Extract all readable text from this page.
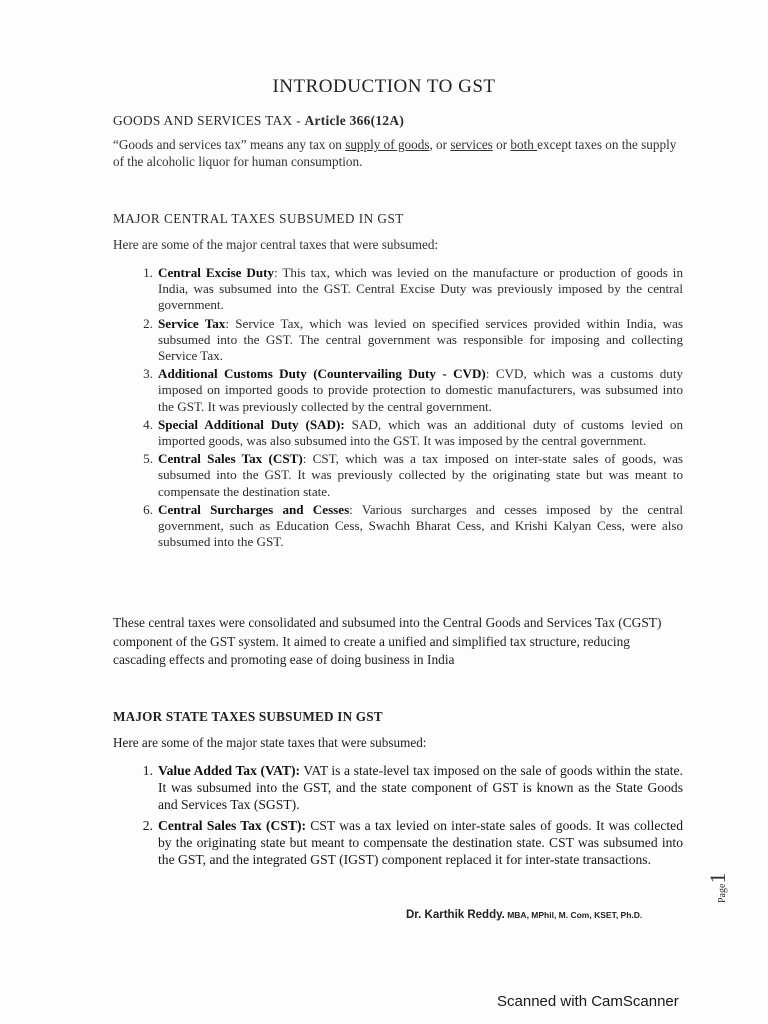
INTRODUCTION TO GST
GOODS AND SERVICES TAX - Article 366(12A)
“Goods and services tax” means any tax on supply of goods, or services or both except taxes on the supply of the alcoholic liquor for human consumption.
MAJOR CENTRAL TAXES SUBSUMED IN GST
Here are some of the major central taxes that were subsumed:
1. Central Excise Duty: This tax, which was levied on the manufacture or production of goods in India, was subsumed into the GST. Central Excise Duty was previously imposed by the central government.
2. Service Tax: Service Tax, which was levied on specified services provided within India, was subsumed into the GST. The central government was responsible for imposing and collecting Service Tax.
3. Additional Customs Duty (Countervailing Duty - CVD): CVD, which was a customs duty imposed on imported goods to provide protection to domestic manufacturers, was subsumed into the GST. It was previously collected by the central government.
4. Special Additional Duty (SAD): SAD, which was an additional duty of customs levied on imported goods, was also subsumed into the GST. It was imposed by the central government.
5. Central Sales Tax (CST): CST, which was a tax imposed on inter-state sales of goods, was subsumed into the GST. It was previously collected by the originating state but was meant to compensate the destination state.
6. Central Surcharges and Cesses: Various surcharges and cesses imposed by the central government, such as Education Cess, Swachh Bharat Cess, and Krishi Kalyan Cess, were also subsumed into the GST.
These central taxes were consolidated and subsumed into the Central Goods and Services Tax (CGST) component of the GST system. It aimed to create a unified and simplified tax structure, reducing cascading effects and promoting ease of doing business in India
MAJOR STATE TAXES SUBSUMED IN GST
Here are some of the major state taxes that were subsumed:
1. Value Added Tax (VAT): VAT is a state-level tax imposed on the sale of goods within the state. It was subsumed into the GST, and the state component of GST is known as the State Goods and Services Tax (SGST).
2. Central Sales Tax (CST): CST was a tax levied on inter-state sales of goods. It was collected by the originating state but meant to compensate the destination state. CST was subsumed into the GST, and the integrated GST (IGST) component replaced it for inter-state transactions.
Dr. Karthik Reddy. MBA, MPhil, M. Com, KSET, Ph.D.
Page1
Scanned with CamScanner
